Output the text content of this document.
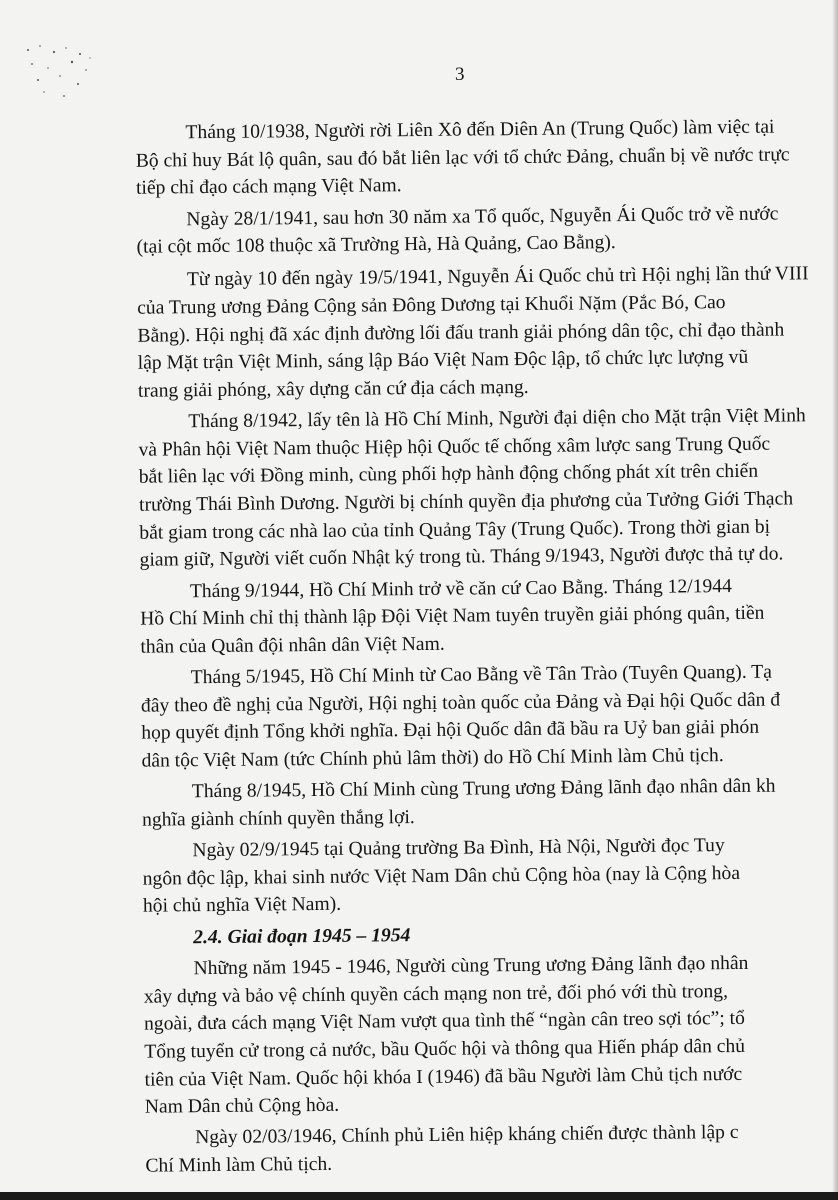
3
Tháng 10/1938, Người rời Liên Xô đến Diên An (Trung Quốc) làm việc tại
Bộ chỉ huy Bát lộ quân, sau đó bắt liên lạc với tổ chức Đảng, chuẩn bị về nước trực
tiếp chỉ đạo cách mạng Việt Nam.
Ngày 28/1/1941, sau hơn 30 năm xa Tổ quốc, Nguyễn Ái Quốc trở về nước
(tại cột mốc 108 thuộc xã Trường Hà, Hà Quảng, Cao Bằng).
Từ ngày 10 đến ngày 19/5/1941, Nguyễn Ái Quốc chủ trì Hội nghị lần thứ VIII
của Trung ương Đảng Cộng sản Đông Dương tại Khuổi Nặm (Pắc Bó, Cao
Bằng). Hội nghị đã xác định đường lối đấu tranh giải phóng dân tộc, chỉ đạo thành
lập Mặt trận Việt Minh, sáng lập Báo Việt Nam Độc lập, tổ chức lực lượng vũ
trang giải phóng, xây dựng căn cứ địa cách mạng.
Tháng 8/1942, lấy tên là Hồ Chí Minh, Người đại diện cho Mặt trận Việt Minh
và Phân hội Việt Nam thuộc Hiệp hội Quốc tế chống xâm lược sang Trung Quốc
bắt liên lạc với Đồng minh, cùng phối hợp hành động chống phát xít trên chiến
trường Thái Bình Dương. Người bị chính quyền địa phương của Tưởng Giới Thạch
bắt giam trong các nhà lao của tỉnh Quảng Tây (Trung Quốc). Trong thời gian bị
giam giữ, Người viết cuốn Nhật ký trong tù. Tháng 9/1943, Người được thả tự do.
Tháng 9/1944, Hồ Chí Minh trở về căn cứ Cao Bằng. Tháng 12/1944
Hồ Chí Minh chỉ thị thành lập Đội Việt Nam tuyên truyền giải phóng quân, tiền
thân của Quân đội nhân dân Việt Nam.
Tháng 5/1945, Hồ Chí Minh từ Cao Bằng về Tân Trào (Tuyên Quang). Tạ
đây theo đề nghị của Người, Hội nghị toàn quốc của Đảng và Đại hội Quốc dân đ
họp quyết định Tổng khởi nghĩa. Đại hội Quốc dân đã bầu ra Uỷ ban giải phón
dân tộc Việt Nam (tức Chính phủ lâm thời) do Hồ Chí Minh làm Chủ tịch.
Tháng 8/1945, Hồ Chí Minh cùng Trung ương Đảng lãnh đạo nhân dân kh
nghĩa giành chính quyền thắng lợi.
Ngày 02/9/1945 tại Quảng trường Ba Đình, Hà Nội, Người đọc Tuy
ngôn độc lập, khai sinh nước Việt Nam Dân chủ Cộng hòa (nay là Cộng hòa
hội chủ nghĩa Việt Nam).
2.4. Giai đoạn 1945 – 1954
Những năm 1945 - 1946, Người cùng Trung ương Đảng lãnh đạo nhân
xây dựng và bảo vệ chính quyền cách mạng non trẻ, đối phó với thù trong,
ngoài, đưa cách mạng Việt Nam vượt qua tình thế “ngàn cân treo sợi tóc”; tổ
Tổng tuyển cử trong cả nước, bầu Quốc hội và thông qua Hiến pháp dân chủ
tiên của Việt Nam. Quốc hội khóa I (1946) đã bầu Người làm Chủ tịch nước
Nam Dân chủ Cộng hòa.
Ngày 02/03/1946, Chính phủ Liên hiệp kháng chiến được thành lập c
Chí Minh làm Chủ tịch.
